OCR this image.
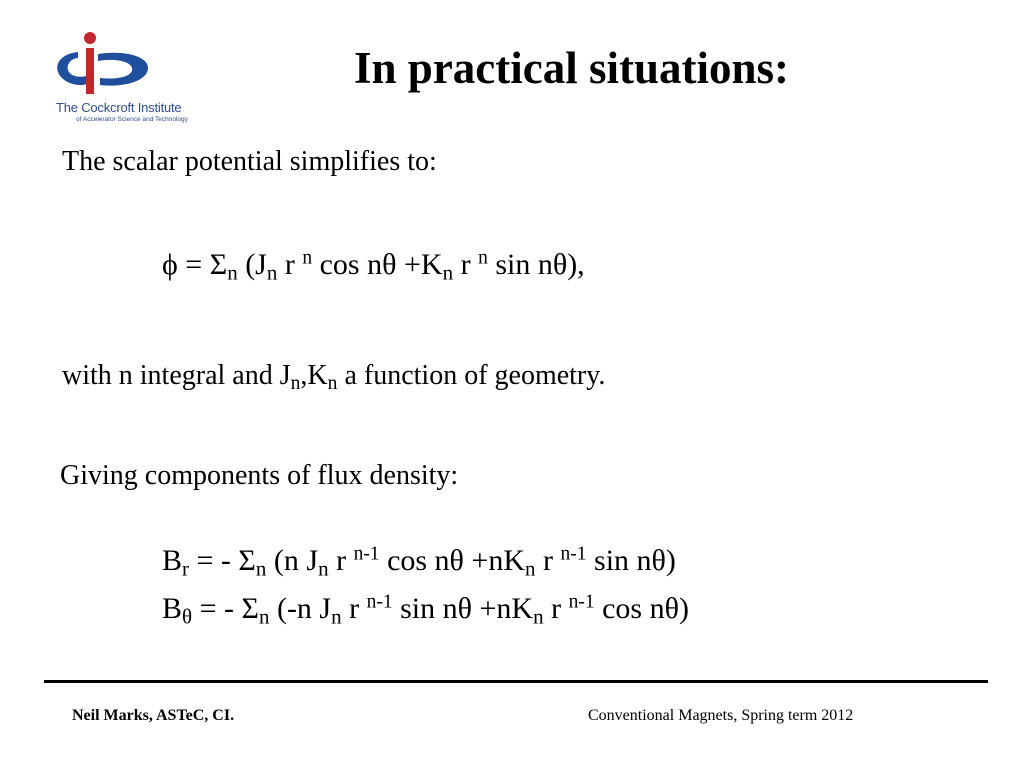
The Cockcroft Institute
of Accelerator Science and Technology
In practical situations:
The scalar potential simplifies to:
$\phi = \Sigma_n$ ($J_n$ r $^n$ $\cos n\theta +K_n$ r $^n$ sin nθ),
with n integral and $J_n,K_n$ a function of geometry.
Giving components of flux density:
$B_r$ = - $\Sigma_n$ (n $J_n$ r $^{n-1}$ $\cos n\theta +nK_n$ r $^{n-1}$ sin nθ)
$B_\theta$ = - $\Sigma_n$ (-n $J_n$ r $^{n-1}$ $\sin n\theta +nK_n$ r $^{n-1}$ cos nθ)
Neil Marks, ASTeC, CI.	Conventional Magnets, Spring term 2012
